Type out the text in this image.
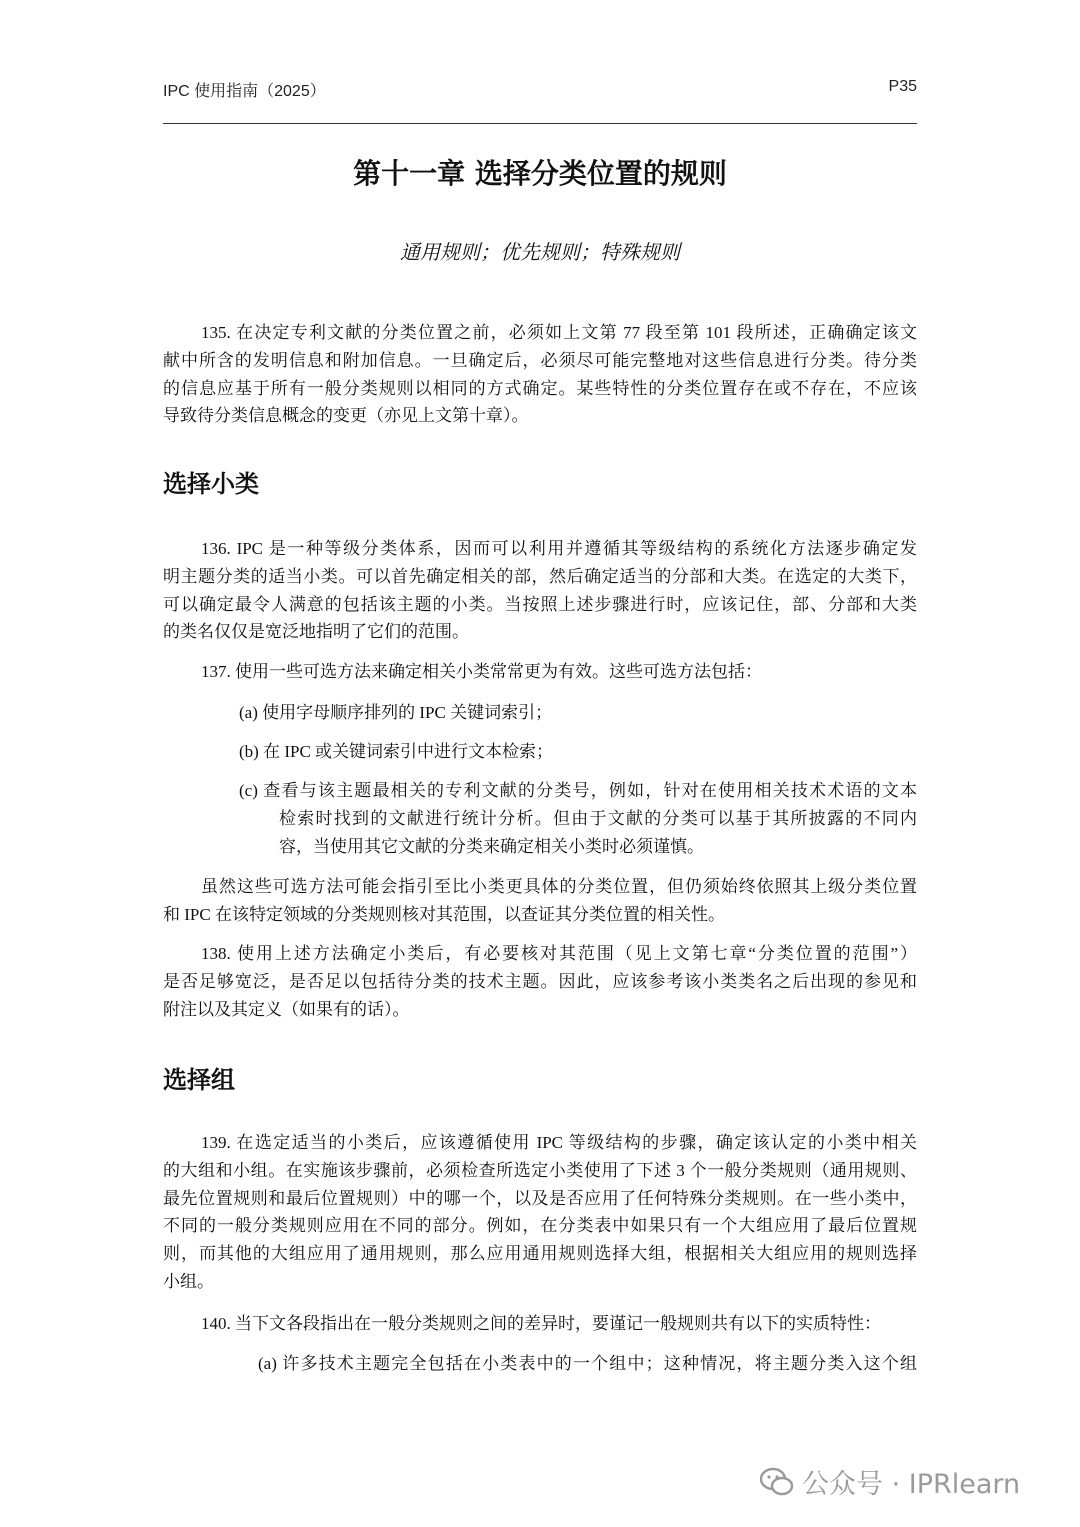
IPC 使用指南（2025）	P35
第十一章 选择分类位置的规则
通用规则；优先规则；特殊规则
135. 在决定专利文献的分类位置之前，必须如上文第 77 段至第 101 段所述，正确确定该文
献中所含的发明信息和附加信息。一旦确定后，必须尽可能完整地对这些信息进行分类。待分类
的信息应基于所有一般分类规则以相同的方式确定。某些特性的分类位置存在或不存在，不应该
导致待分类信息概念的变更（亦见上文第十章）。
选择小类
136. IPC 是一种等级分类体系，因而可以利用并遵循其等级结构的系统化方法逐步确定发
明主题分类的适当小类。可以首先确定相关的部，然后确定适当的分部和大类。在选定的大类下，
可以确定最令人满意的包括该主题的小类。当按照上述步骤进行时，应该记住，部、分部和大类
的类名仅仅是宽泛地指明了它们的范围。
137. 使用一些可选方法来确定相关小类常常更为有效。这些可选方法包括：
(a) 使用字母顺序排列的 IPC 关键词索引；
(b) 在 IPC 或关键词索引中进行文本检索；
(c) 查看与该主题最相关的专利文献的分类号，例如，针对在使用相关技术术语的文本
检索时找到的文献进行统计分析。但由于文献的分类可以基于其所披露的不同内
容，当使用其它文献的分类来确定相关小类时必须谨慎。
虽然这些可选方法可能会指引至比小类更具体的分类位置，但仍须始终依照其上级分类位置
和 IPC 在该特定领域的分类规则核对其范围，以查证其分类位置的相关性。
138. 使用上述方法确定小类后，有必要核对其范围（见上文第七章“分类位置的范围”）
是否足够宽泛，是否足以包括待分类的技术主题。因此，应该参考该小类类名之后出现的参见和
附注以及其定义（如果有的话）。
选择组
139. 在选定适当的小类后，应该遵循使用 IPC 等级结构的步骤，确定该认定的小类中相关
的大组和小组。在实施该步骤前，必须检查所选定小类使用了下述 3 个一般分类规则（通用规则、
最先位置规则和最后位置规则）中的哪一个，以及是否应用了任何特殊分类规则。在一些小类中，
不同的一般分类规则应用在不同的部分。例如，在分类表中如果只有一个大组应用了最后位置规
则，而其他的大组应用了通用规则，那么应用通用规则选择大组，根据相关大组应用的规则选择
小组。
140. 当下文各段指出在一般分类规则之间的差异时，要谨记一般规则共有以下的实质特性：
(a) 许多技术主题完全包括在小类表中的一个组中；这种情况，将主题分类入这个组
公众号 · IPRlearn
